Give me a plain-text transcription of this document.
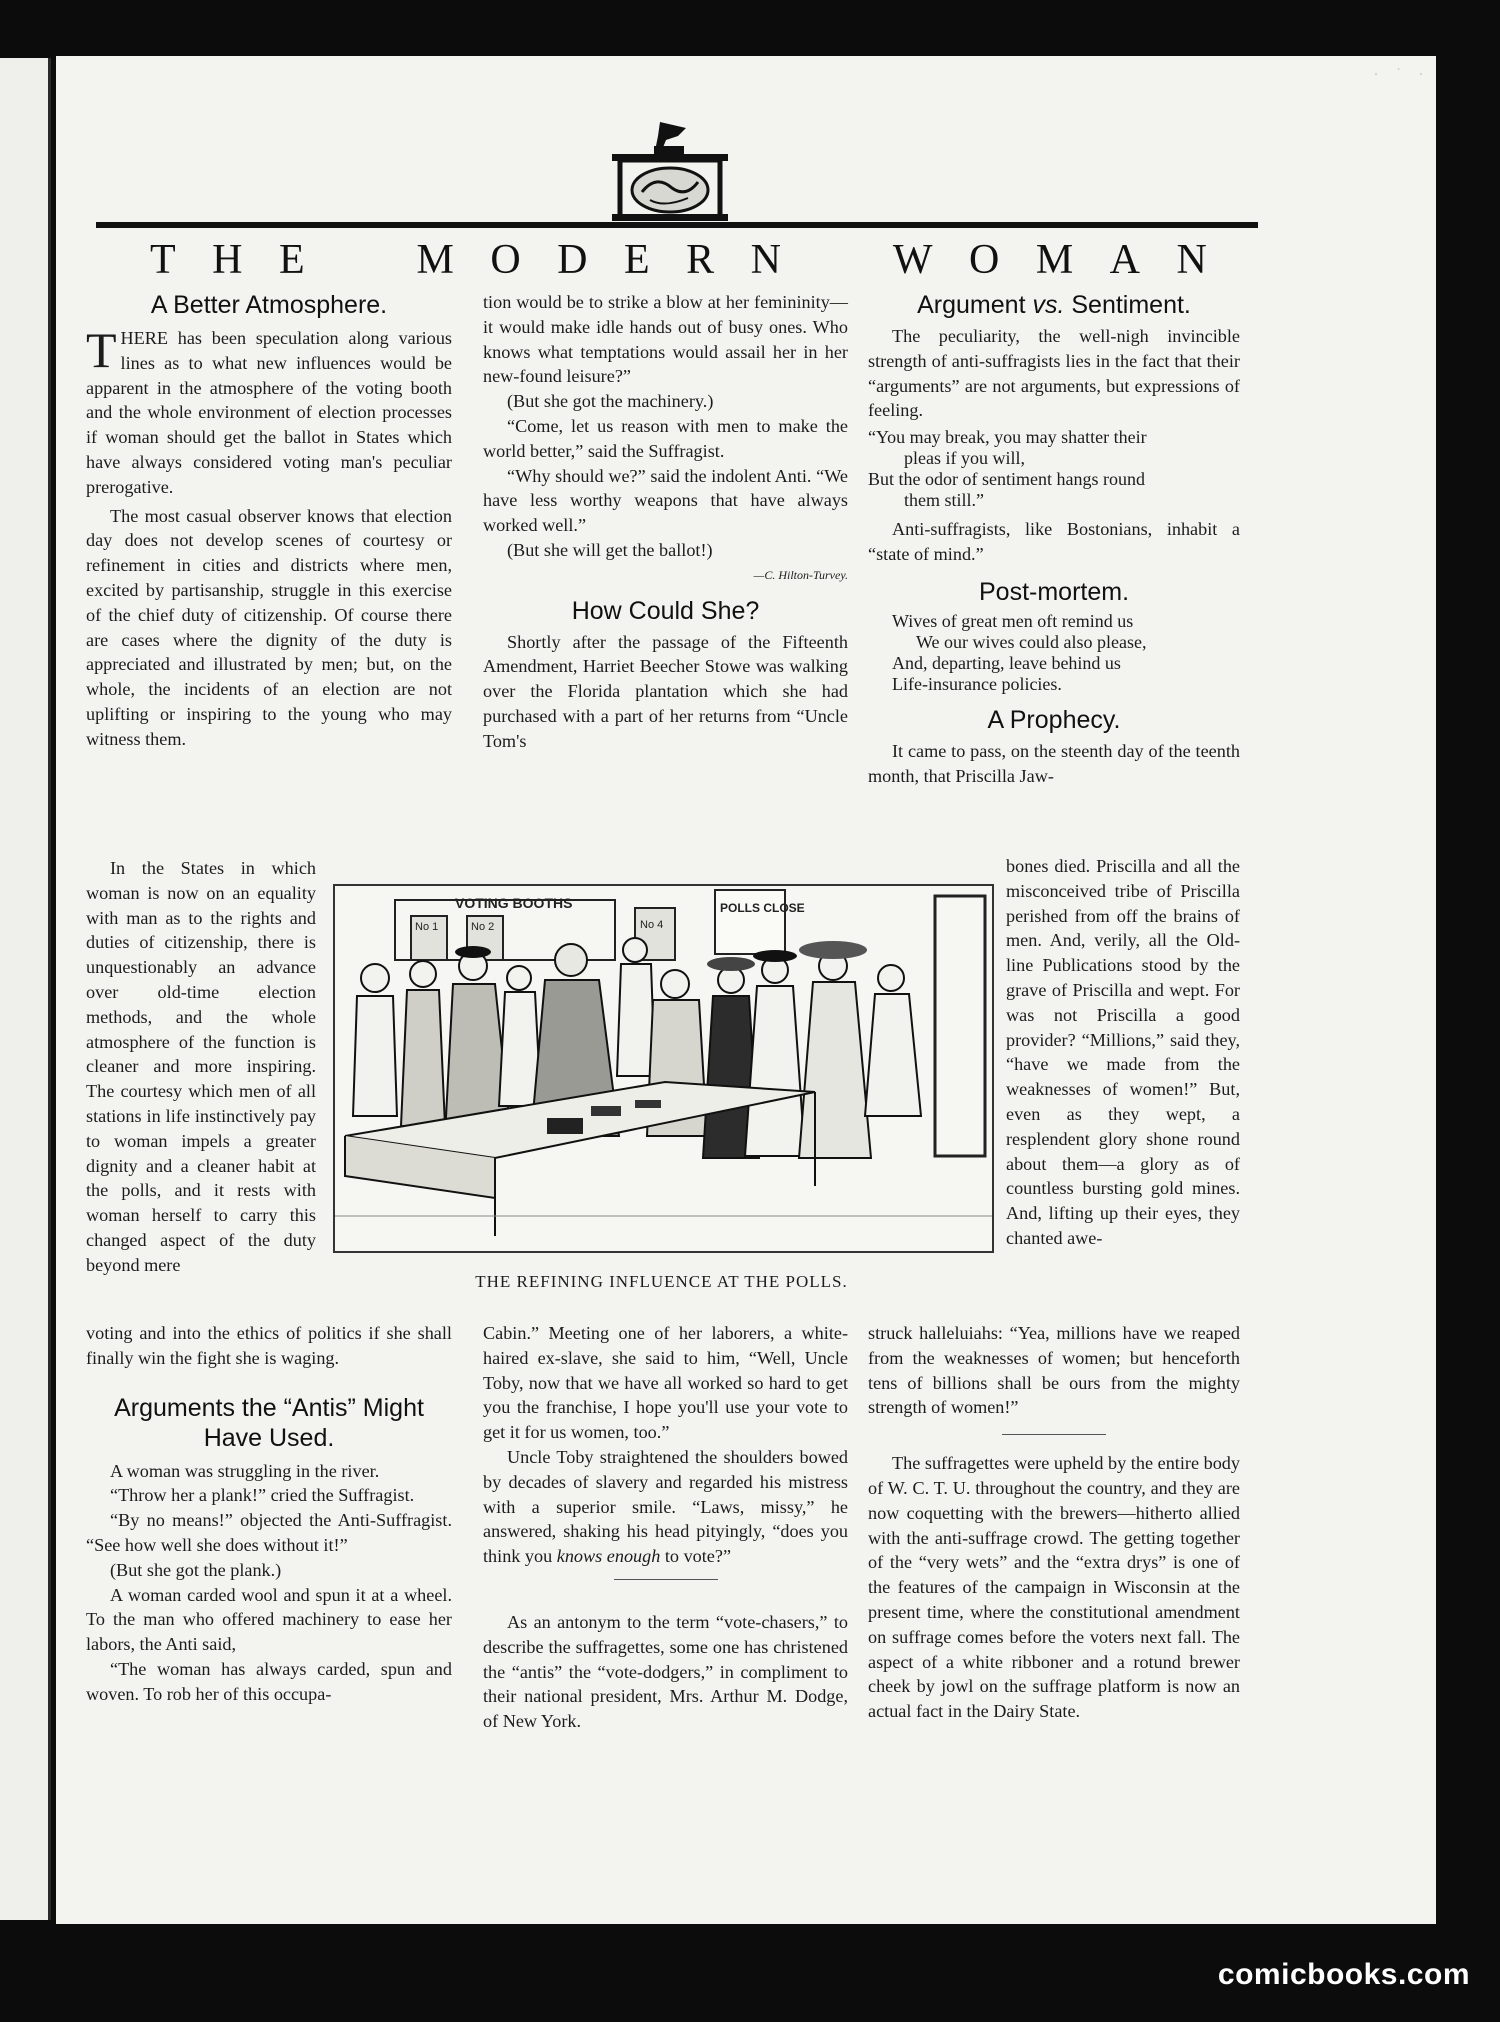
· ˙ ·
T H E	M O D E R N	W O M A N
A Better Atmosphere.

THERE has been speculation along various lines as to what new influences would be apparent in the atmosphere of the voting booth and the whole environment of election processes if woman should get the ballot in States which have always considered voting man's peculiar prerogative.

The most casual observer knows that election day does not develop scenes of courtesy or refinement in cities and districts where men, excited by partisanship, struggle in this exercise of the chief duty of citizenship. Of course there are cases where the dignity of the duty is appreciated and illustrated by men; but, on the whole, the incidents of an election are not uplifting or inspiring to the young who may witness them.

In the States in which woman is now on an equality with man as to the rights and duties of citizenship, there is unquestionably an advance over old-time election methods, and the whole atmosphere of the function is cleaner and more inspiring. The courtesy which men of all stations in life instinctively pay to woman impels a greater dignity and a cleaner habit at the polls, and it rests with woman herself to carry this changed aspect of the duty beyond mere

tion would be to strike a blow at her femininity—it would make idle hands out of busy ones. Who knows what temptations would assail her in her new-found leisure?”

(But she got the machinery.)

“Come, let us reason with men to make the world better,” said the Suffragist.

“Why should we?” said the indolent Anti. “We have less worthy weapons that have always worked well.”

(But she will get the ballot!)

—C. Hilton-Turvey.

How Could She?

Shortly after the passage of the Fifteenth Amendment, Harriet Beecher Stowe was walking over the Florida plantation which she had purchased with a part of her returns from “Uncle Tom's

Argument vs. Sentiment.

The peculiarity, the well-nigh invincible strength of anti-suffragists lies in the fact that their “arguments” are not arguments, but expressions of feeling.

“You may break, you may shatter their
pleas if you will,
But the odor of sentiment hangs round
them still.”

Anti-suffragists, like Bostonians, inhabit a “state of mind.”

Post-mortem.
Wives of great men oft remind us
We our wives could also please,
And, departing, leave behind us
Life-insurance policies.
A Prophecy.

It came to pass, on the steenth day of the teenth month, that Priscilla Jaw-

bones died. Priscilla and all the misconceived tribe of Priscilla perished from off the brains of men. And, verily, all the Old-line Publications stood by the grave of Priscilla and wept. For was not Priscilla a good provider? “Millions,” said they, “have we made from the weaknesses of women!” But, even as they wept, a resplendent glory shone round about them—a glory as of countless bursting gold mines. And, lifting up their eyes, they chanted awe-

VOTING BOOTHS
No 1	No 2	No 4
POLLS CLOSE
THE REFINING INFLUENCE AT THE POLLS.

voting and into the ethics of politics if she shall finally win the fight she is waging.

Arguments the “Antis” Might Have Used.

A woman was struggling in the river.

“Throw her a plank!” cried the Suffragist.

“By no means!” objected the Anti-Suffragist. “See how well she does without it!”

(But she got the plank.)

A woman carded wool and spun it at a wheel. To the man who offered machinery to ease her labors, the Anti said,

“The woman has always carded, spun and woven. To rob her of this occupa-

Cabin.” Meeting one of her laborers, a white-haired ex-slave, she said to him, “Well, Uncle Toby, now that we have all worked so hard to get you the franchise, I hope you'll use your vote to get it for us women, too.”

Uncle Toby straightened the shoulders bowed by decades of slavery and regarded his mistress with a superior smile. “Laws, missy,” he answered, shaking his head pityingly, “does you think you knows enough to vote?”

As an antonym to the term “vote-chasers,” to describe the suffragettes, some one has christened the “antis” the “vote-dodgers,” in compliment to their national president, Mrs. Arthur M. Dodge, of New York.

struck halleluiahs: “Yea, millions have we reaped from the weaknesses of women; but henceforth tens of billions shall be ours from the mighty strength of women!”

The suffragettes were upheld by the entire body of W. C. T. U. throughout the country, and they are now coquetting with the brewers—hitherto allied with the anti-suffrage crowd. The getting together of the “very wets” and the “extra drys” is one of the features of the campaign in Wisconsin at the present time, where the constitutional amendment on suffrage comes before the voters next fall. The aspect of a white ribboner and a rotund brewer cheek by jowl on the suffrage platform is now an actual fact in the Dairy State.

comicbooks.com
